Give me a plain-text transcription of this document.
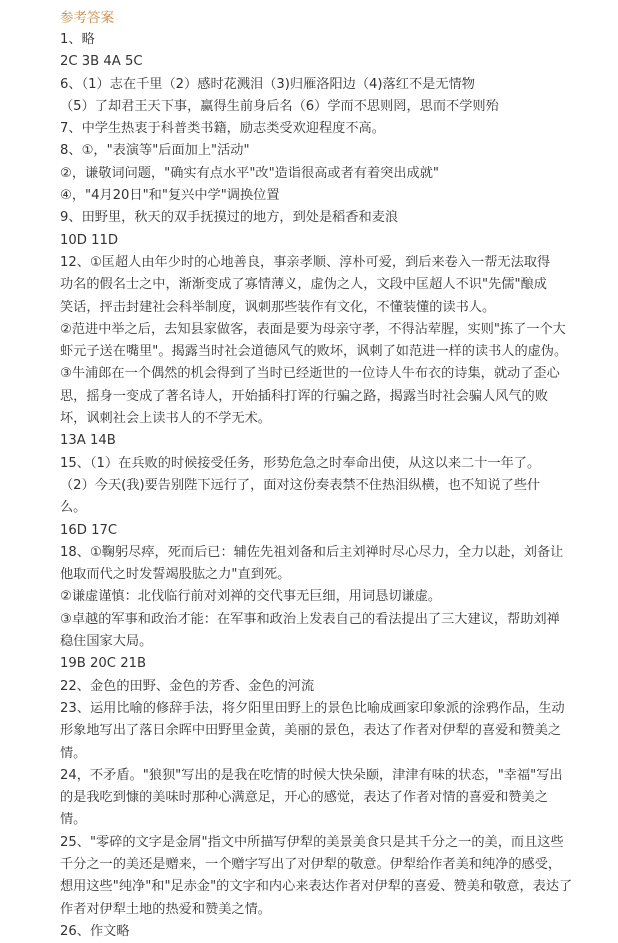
参考答案
1、略
2C 3B 4A 5C
6、（1）志在千里（2）感时花溅泪（3)归雁洛阳边（4)落红不是无情物
（5）了却君王天下事，赢得生前身后名（6）学而不思则罔，思而不学则殆
7、中学生热衷于科普类书籍，励志类受欢迎程度不高。
8、①，"表演等"后面加上"活动"
②，谦敬词问题，"确实有点水平"改"造诣很高或者有着突出成就"
④，"4月20日"和"复兴中学"调换位置
9、田野里，秋天的双手抚摸过的地方，到处是稻香和麦浪
10D 11D
12、①匡超人由年少时的心地善良，事亲孝顺、淳朴可爱，到后来卷入一帮无法取得
功名的假名士之中，渐渐变成了寡情薄义，虚伪之人，文段中匡超人不识"先儒"酿成
笑话，抨击封建社会科举制度，讽刺那些装作有文化，不懂装懂的读书人。
②范进中举之后，去知县家做客，表面是要为母亲守孝，不得沾荤腥，实则"拣了一个大
虾元子送在嘴里"。揭露当时社会道德风气的败坏，讽刺了如范进一样的读书人的虚伪。
③牛浦郎在一个偶然的机会得到了当时已经逝世的一位诗人牛布衣的诗集，就动了歪心
思，摇身一变成了著名诗人，开始插科打诨的行骗之路，揭露当时社会骗人风气的败
坏，讽刺社会上读书人的不学无术。
13A 14B
15、（1）在兵败的时候接受任务，形势危急之时奉命出使，从这以来二十一年了。
（2）今天(我)要告别陛下远行了，面对这份奏表禁不住热泪纵横，也不知说了些什
么。
16D 17C
18、①鞠躬尽瘁，死而后已：辅佐先祖刘备和后主刘禅时尽心尽力，全力以赴，刘备让
他取而代之时发誓竭股肱之力"直到死。
②谦虚谨慎：北伐临行前对刘禅的交代事无巨细，用词恳切谦虚。
③卓越的军事和政治才能：在军事和政治上发表自己的看法提出了三大建议，帮助刘禅
稳住国家大局。
19B 20C 21B
22、金色的田野、金色的芳香、金色的河流
23、运用比喻的修辞手法，将夕阳里田野上的景色比喻成画家印象派的涂鸦作品，生动
形象地写出了落日余晖中田野里金黄，美丽的景色，表达了作者对伊犁的喜爱和赞美之
情。
24，不矛盾。"狼狈"写出的是我在吃情的时候大快朵颐，津津有味的状态，"幸福"写出
的是我吃到慷的美味时那种心满意足，开心的感觉，表达了作者对情的喜爱和赞美之
情。
25、"零碎的文字是金屑"指文中所描写伊犁的美景美食只是其千分之一的美，而且这些
千分之一的美还是赠来，一个赠字写出了对伊犁的敬意。伊犁给作者美和纯净的感受，
想用这些"纯净"和"足赤金"的文字和内心来表达作者对伊犁的喜爱、赞美和敬意，表达了
作者对伊犁土地的热爱和赞美之情。
26、作文略
